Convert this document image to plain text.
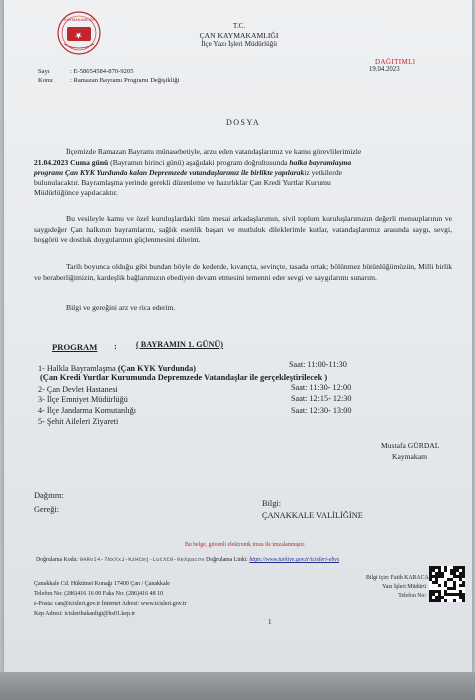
KAYMAKAMLIĞI
T.C.
ÇAN KAYMAKAMLIĞI
İlçe Yazı İşleri Müdürlüğü
DAĞITIMLI
19.04.2023
Sayı	: E-58654584-870-9205
Konu	: Ramazan Bayramı Programı Değişikliği
DOSYA
İlçemizde Ramazan Bayramı münasebetiyle, arzu eden vatandaşlarımız ve kamu görevlilerimizle
21.04.2023 Cuma günü (Bayramın birinci günü) aşağıdaki program doğrultusunda halka bayramlaşma
programı Çan KYK Yurdunda kalan Depremzede vatandaşlarımız ile birlikte yapılarakiz yetkilerde
bulunulacaktır. Bayramlaşma yerinde gerekli düzenleme ve hazırlıklar Çan Kredi Yurtlar Kurumu
Müdürlüğünce yapılacaktır.
Bu vesileyle kamu ve özel kuruluşlardaki tüm mesai arkadaşlarımın, sivil toplum kuruluşlarımızın değerli mensuplarının ve saygıdeğer Çan halkının bayramlarını, sağlık esenlik başarı ve mutluluk dileklerimle kutlar, vatandaşlarımız arasında saygı, sevgi, hoşgörü ve dostluk duygularının güçlenmesini dilerim.
Tarih boyunca olduğu gibi bundan böyle de kederde, kıvançta, sevinçte, tasada ortak; bölünmez bütünlüğümüzün, Milli birlik ve beraberliğimizin, kardeşlik bağlarımızın ebediyen devam etmesini temenni eder sevgi ve saygılarımı sunarım.
Bilgi ve gereğini arz ve rica ederim.
PROGRAM : ( BAYRAMIN 1. GÜNÜ)
1- Halkla Bayramlaşma (Çan KYK Yurdunda)	Saat: 11:00-11:30
(Çan Kredi Yurtlar Kurumunda Depremzede Vatandaşlar ile gerçekleştirilecek )
2- Çan Devlet Hastanesi	Saat: 11:30- 12:00
3- İlçe Emniyet Müdürlüğü	Saat: 12:15- 12:30
4- İlçe Jandarma Komutanlığı	Saat: 12:30- 13:00
5- Şehit Aileleri Ziyareti
Mustafa GÜRDAL
Kaymakam
Dağıtım:
Gereği:
Bilgi:
ÇANAKKALE VALİLİĞİNE
Bu belge, güvenli elektronik imza ile imzalanmıştır.
Doğrulama Kodu: 9ARvI4-7NxXxJ-KzHCmj-LutXC9-0eXpacov Doğrulama Linki: https://www.turkiye.gov.tr/icisleri-ebys
Çanakkale Cd. Hükümet Konağı 17400 Çan / Çanakkale
Telefon No: (286)416 16 00 Faks No: (286)416 48 10
e-Posta: can@icisleri.gov.tr İnternet Adresi: www.icisleri.gov.tr
Kep Adresi: icisleribakanligi@hs01.kep.tr
1
Bilgi için: Fatih KARACA
Yazı İşleri Müdürü
Telefon No:
